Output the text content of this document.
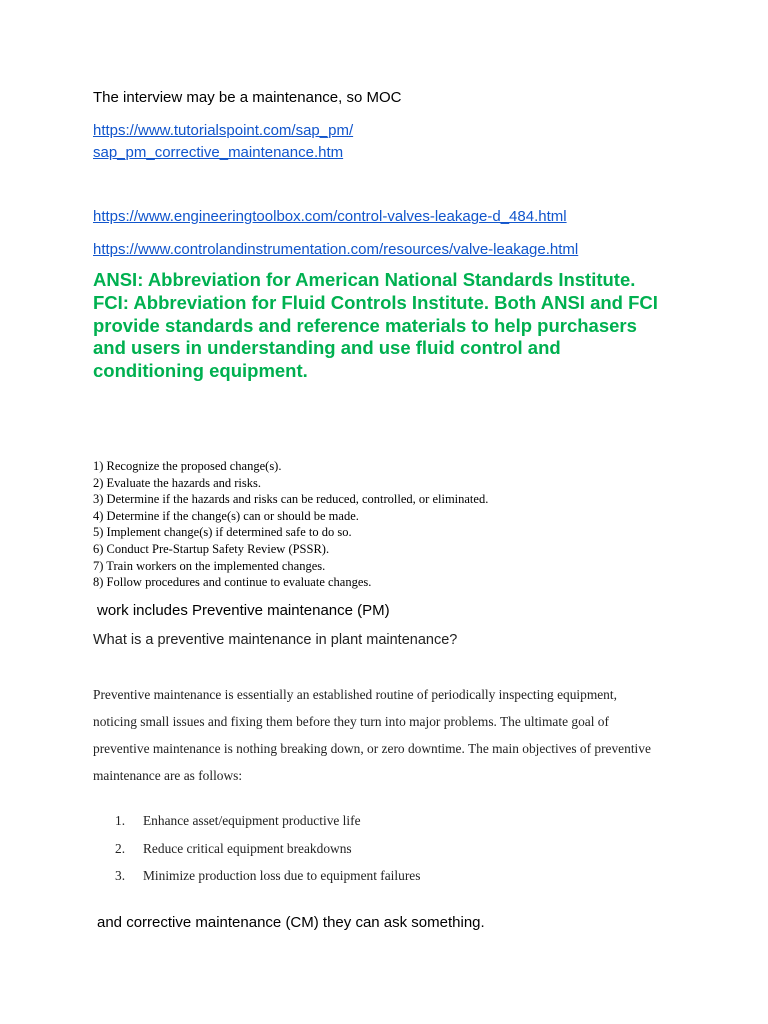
The interview may be a maintenance, so MOC
https://www.tutorialspoint.com/sap_pm/
sap_pm_corrective_maintenance.htm
https://www.engineeringtoolbox.com/control-valves-leakage-d_484.html
https://www.controlandinstrumentation.com/resources/valve-leakage.html
ANSI: Abbreviation for American National Standards Institute. FCI: Abbreviation for Fluid Controls Institute. Both ANSI and FCI provide standards and reference materials to help purchasers and users in understanding and use fluid control and conditioning equipment.
1) Recognize the proposed change(s).
2) Evaluate the hazards and risks.
3) Determine if the hazards and risks can be reduced, controlled, or eliminated.
4) Determine if the change(s) can or should be made.
5) Implement change(s) if determined safe to do so.
6) Conduct Pre-Startup Safety Review (PSSR).
7) Train workers on the implemented changes.
8) Follow procedures and continue to evaluate changes.
work includes Preventive maintenance (PM)
What is a preventive maintenance in plant maintenance?
Preventive maintenance is essentially an established routine of periodically inspecting equipment, noticing small issues and fixing them before they turn into major problems. The ultimate goal of preventive maintenance is nothing breaking down, or zero downtime. The main objectives of preventive maintenance are as follows:
1. Enhance asset/equipment productive life
2. Reduce critical equipment breakdowns
3. Minimize production loss due to equipment failures
and corrective maintenance (CM) they can ask something.
